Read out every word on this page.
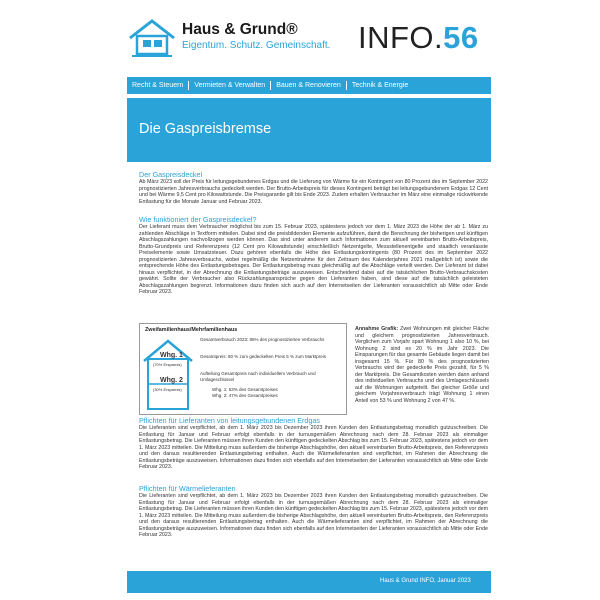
Haus & Grund®
Eigentum. Schutz. Gemeinschaft. INFO.56
Recht & Steuern	Vermieten & Verwalten	Bauen & Renovieren	Technik & Energie
Die Gaspreisbremse
Der Gaspreisdeckel
Ab März 2023 soll der Preis für leitungsgebundenes Erdgas und die Lieferung von Wärme für ein Kontingent von 80 Prozent des im September 2022 prognostizierten Jahresverbrauchs gedeckelt werden. Der Brutto-Arbeitspreis für dieses Kontingent beträgt bei leitungsgebundenem Erdgas 12 Cent und bei Wärme 9,5 Cent pro Kilowattstunde. Die Preisgarantie gilt bis Ende 2023. Zudem erhalten Verbraucher im März eine einmalige rückwirkende Entlastung für die Monate Januar und Februar 2023.
Wie funktioniert der Gaspreisdeckel?
Der Lieferant muss dem Verbraucher möglichst bis zum 15. Februar 2023, spätestens jedoch vor dem 1. März 2023 die Höhe der ab 1. März zu zahlenden Abschläge in Textform mitteilen. Dabei sind die preisbildenden Elemente aufzuführen, damit die Berechnung der bisherigen und künftigen Abschlagszahlungen nachvollzogen werden können. Das sind unter anderem auch Informationen zum aktuell vereinbarten Brutto-Arbeitspreis, Brutto-Grundpreis und Referenzpreis (12 Cent pro Kilowattstunde) einschließlich Netzentgelte, Messstellenentgelte und staatlich veranlasste Preiselemente sowie Umsatzsteuer. Dazu gehören ebenfalls die Höhe des Entlastungskontingents (80 Prozent des im September 2022 prognostizierten Jahresverbrauchs, wobei regelmäßig die Netzentnahme für den Zeitraum des Kalenderjahres 2021 maßgeblich ist) sowie die entsprechende Höhe des Entlastungsbetrages. Der Entlastungsbetrag muss gleichmäßig auf die Abschläge verteilt werden. Der Lieferant ist dabei hinaus verpflichtet, in der Abrechnung die Entlastungsbeträge auszuweisen. Entscheidend dabei auf die tatsächlichen Brutto-Verbrauchskosten gewährt. Sollte der Verbraucher also Rückzahlungsansprüche gegen den Lieferanten haben, sind diese auf die tatsächlich geleisteten Abschlagszahlungen begrenzt. Informationen dazu finden sich auch auf den Internetseiten der Lieferanten voraussichtlich ab Mitte oder Ende Februar 2023.
Zweifamilienhaus/Mehrfamilienhaus
Whg. 1
(70% Ersparnis)
Whg. 2
(30% Ersparnis)
Gesamtverbrauch 2023: 85% des prognostizierten Verbrauchs
Gesamtpreis: 80 % zum gedeckelten Preis 5 % zum Marktpreis
Aufteilung Gesamtpreis nach individuellem Verbrauch und Umlageschlüssel
Whg. 1: 53% des Gesamtpreises
Whg. 2: 47% des Gesamtpreises
Annahme Grafik: Zwei Wohnungen mit gleicher Fläche und gleichem prognostizierten Jahresverbrauch. Verglichen zum Vorjahr spart Wohnung 1 also 10 %, bei Wohnung 2 sind es 20 % im Jahr 2023. Die Einsparungen für das gesamte Gebäude liegen damit bei insgesamt 15 %. Für 80 % des prognostizierten Verbrauchs wird der gedeckelte Preis gezahlt, für 5 % der Marktpreis. Die Gesamtkosten werden dann anhand des individuellen Verbrauchs und des Umlageschlüssels auf die Wohnungen aufgeteilt. Bei gleicher Größe und gleichem Vorjahresverbrauch trägt Wohnung 1 einen Anteil von 53 % und Wohnung 2 von 47 %.
Pflichten für Lieferanten von leitungsgebundenen Erdgas
Die Lieferanten sind verpflichtet, ab dem 1. März 2023 bis Dezember 2023 ihren Kunden den Entlastungsbetrag monatlich gutzuschreiben. Die Entlastung für Januar und Februar erfolgt ebenfalls in der turnusgemäßen Abrechnung nach dem 28. Februar 2023 als einmaliger Entlastungsbetrag. Die Lieferanten müssen ihren Kunden den künftigen gedeckelten Abschlag bis zum 15. Februar 2023, spätestens jedoch vor dem 1. März 2023 mitteilen. Die Mitteilung muss außerdem die bisherige Abschlagshöhe, den aktuell vereinbarten Brutto-Arbeitspreis, den Referenzpreis und den daraus resultierenden Entlastungsbetrag enthalten. Auch die Wärmelieferanten sind verpflichtet, im Rahmen der Abrechnung die Entlastungsbeträge auszuweisen. Informationen dazu finden sich ebenfalls auf den Internetseiten der Lieferanten voraussichtlich ab Mitte oder Ende Februar 2023.
Pflichten für Wärmelieferanten
Die Lieferanten sind verpflichtet, ab dem 1. März 2023 bis Dezember 2023 ihren Kunden den Entlastungsbetrag monatlich gutzuschreiben. Die Entlastung für Januar und Februar erfolgt ebenfalls in der turnusgemäßen Abrechnung nach dem 28. Februar 2023 als einmaliger Entlastungsbetrag. Die Lieferanten müssen ihren Kunden den künftigen gedeckelten Abschlag bis zum 15. Februar 2023, spätestens jedoch vor dem 1. März 2023 mitteilen. Die Mitteilung muss außerdem die bisherige Abschlagshöhe, den aktuell vereinbarten Brutto-Arbeitspreis, den Referenzpreis und den daraus resultierenden Entlastungsbetrag enthalten. Auch die Wärmelieferanten sind verpflichtet, im Rahmen der Abrechnung die Entlastungsbeträge auszuweisen. Informationen dazu finden sich ebenfalls auf den Internetseiten der Lieferanten voraussichtlich ab Mitte oder Ende Februar 2023.
Haus & Grund INFO, Januar 2023
